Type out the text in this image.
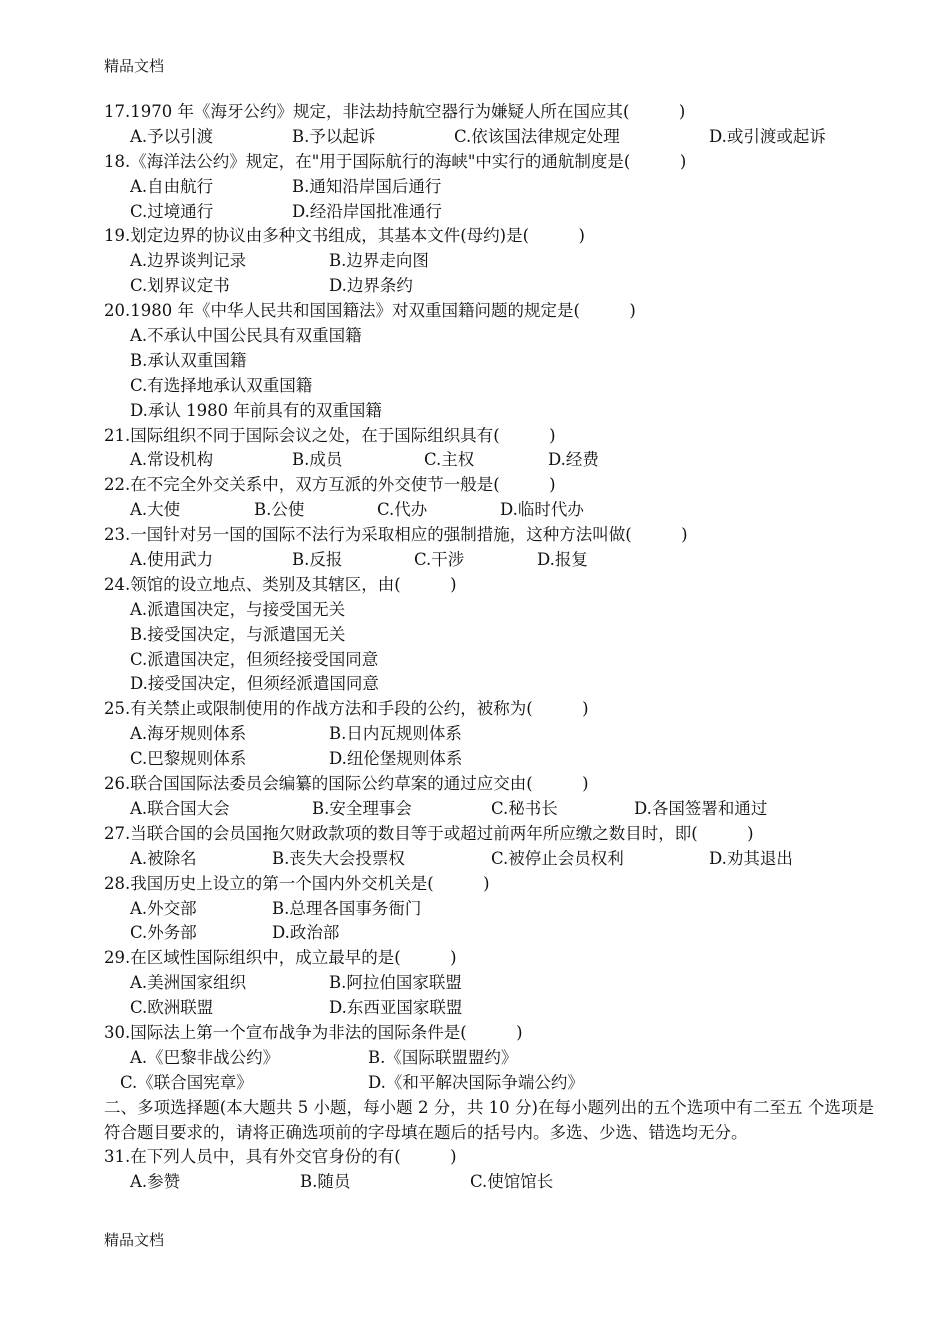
精品文档
17.1970 年《海牙公约》规定，非法劫持航空器行为嫌疑人所在国应其(　　　)
A.予以引渡	B.予以起诉	C.依该国法律规定处理	D.或引渡或起诉
18.《海洋法公约》规定，在"用于国际航行的海峡"中实行的通航制度是(　　　)
A.自由航行	B.通知沿岸国后通行
C.过境通行	D.经沿岸国批准通行
19.划定边界的协议由多种文书组成，其基本文件(母约)是(　　　)
A.边界谈判记录	B.边界走向图
C.划界议定书	D.边界条约
20.1980 年《中华人民共和国国籍法》对双重国籍问题的规定是(　　　)
A.不承认中国公民具有双重国籍
B.承认双重国籍
C.有选择地承认双重国籍
D.承认 1980 年前具有的双重国籍
21.国际组织不同于国际会议之处，在于国际组织具有(　　　)
A.常设机构	B.成员	C.主权	D.经费
22.在不完全外交关系中，双方互派的外交使节一般是(　　　)
A.大使	B.公使	C.代办	D.临时代办
23.一国针对另一国的国际不法行为采取相应的强制措施，这种方法叫做(　　　)
A.使用武力	B.反报	C.干涉	D.报复
24.领馆的设立地点、类别及其辖区，由(　　　)
A.派遣国决定，与接受国无关
B.接受国决定，与派遣国无关
C.派遣国决定，但须经接受国同意
D.接受国决定，但须经派遣国同意
25.有关禁止或限制使用的作战方法和手段的公约，被称为(　　　)
A.海牙规则体系	B.日内瓦规则体系
C.巴黎规则体系	D.纽伦堡规则体系
26.联合国国际法委员会编纂的国际公约草案的通过应交由(　　　)
A.联合国大会	B.安全理事会	C.秘书长	D.各国签署和通过
27.当联合国的会员国拖欠财政款项的数目等于或超过前两年所应缴之数目时，即(　　　)
A.被除名	B.丧失大会投票权	C.被停止会员权利	D.劝其退出
28.我国历史上设立的第一个国内外交机关是(　　　)
A.外交部	B.总理各国事务衙门
C.外务部	D.政治部
29.在区域性国际组织中，成立最早的是(　　　)
A.美洲国家组织	B.阿拉伯国家联盟
C.欧洲联盟	D.东西亚国家联盟
30.国际法上第一个宣布战争为非法的国际条件是(　　　)
A.《巴黎非战公约》	B.《国际联盟盟约》
C.《联合国宪章》	D.《和平解决国际争端公约》
二、多项选择题(本大题共 5 小题，每小题 2 分，共 10 分)在每小题列出的五个选项中有二至五 个选项是符合题目要求的，请将正确选项前的字母填在题后的括号内。多选、少选、错选均无分。
31.在下列人员中，具有外交官身份的有(　　　)
A.参赞	B.随员	C.使馆馆长
精品文档
